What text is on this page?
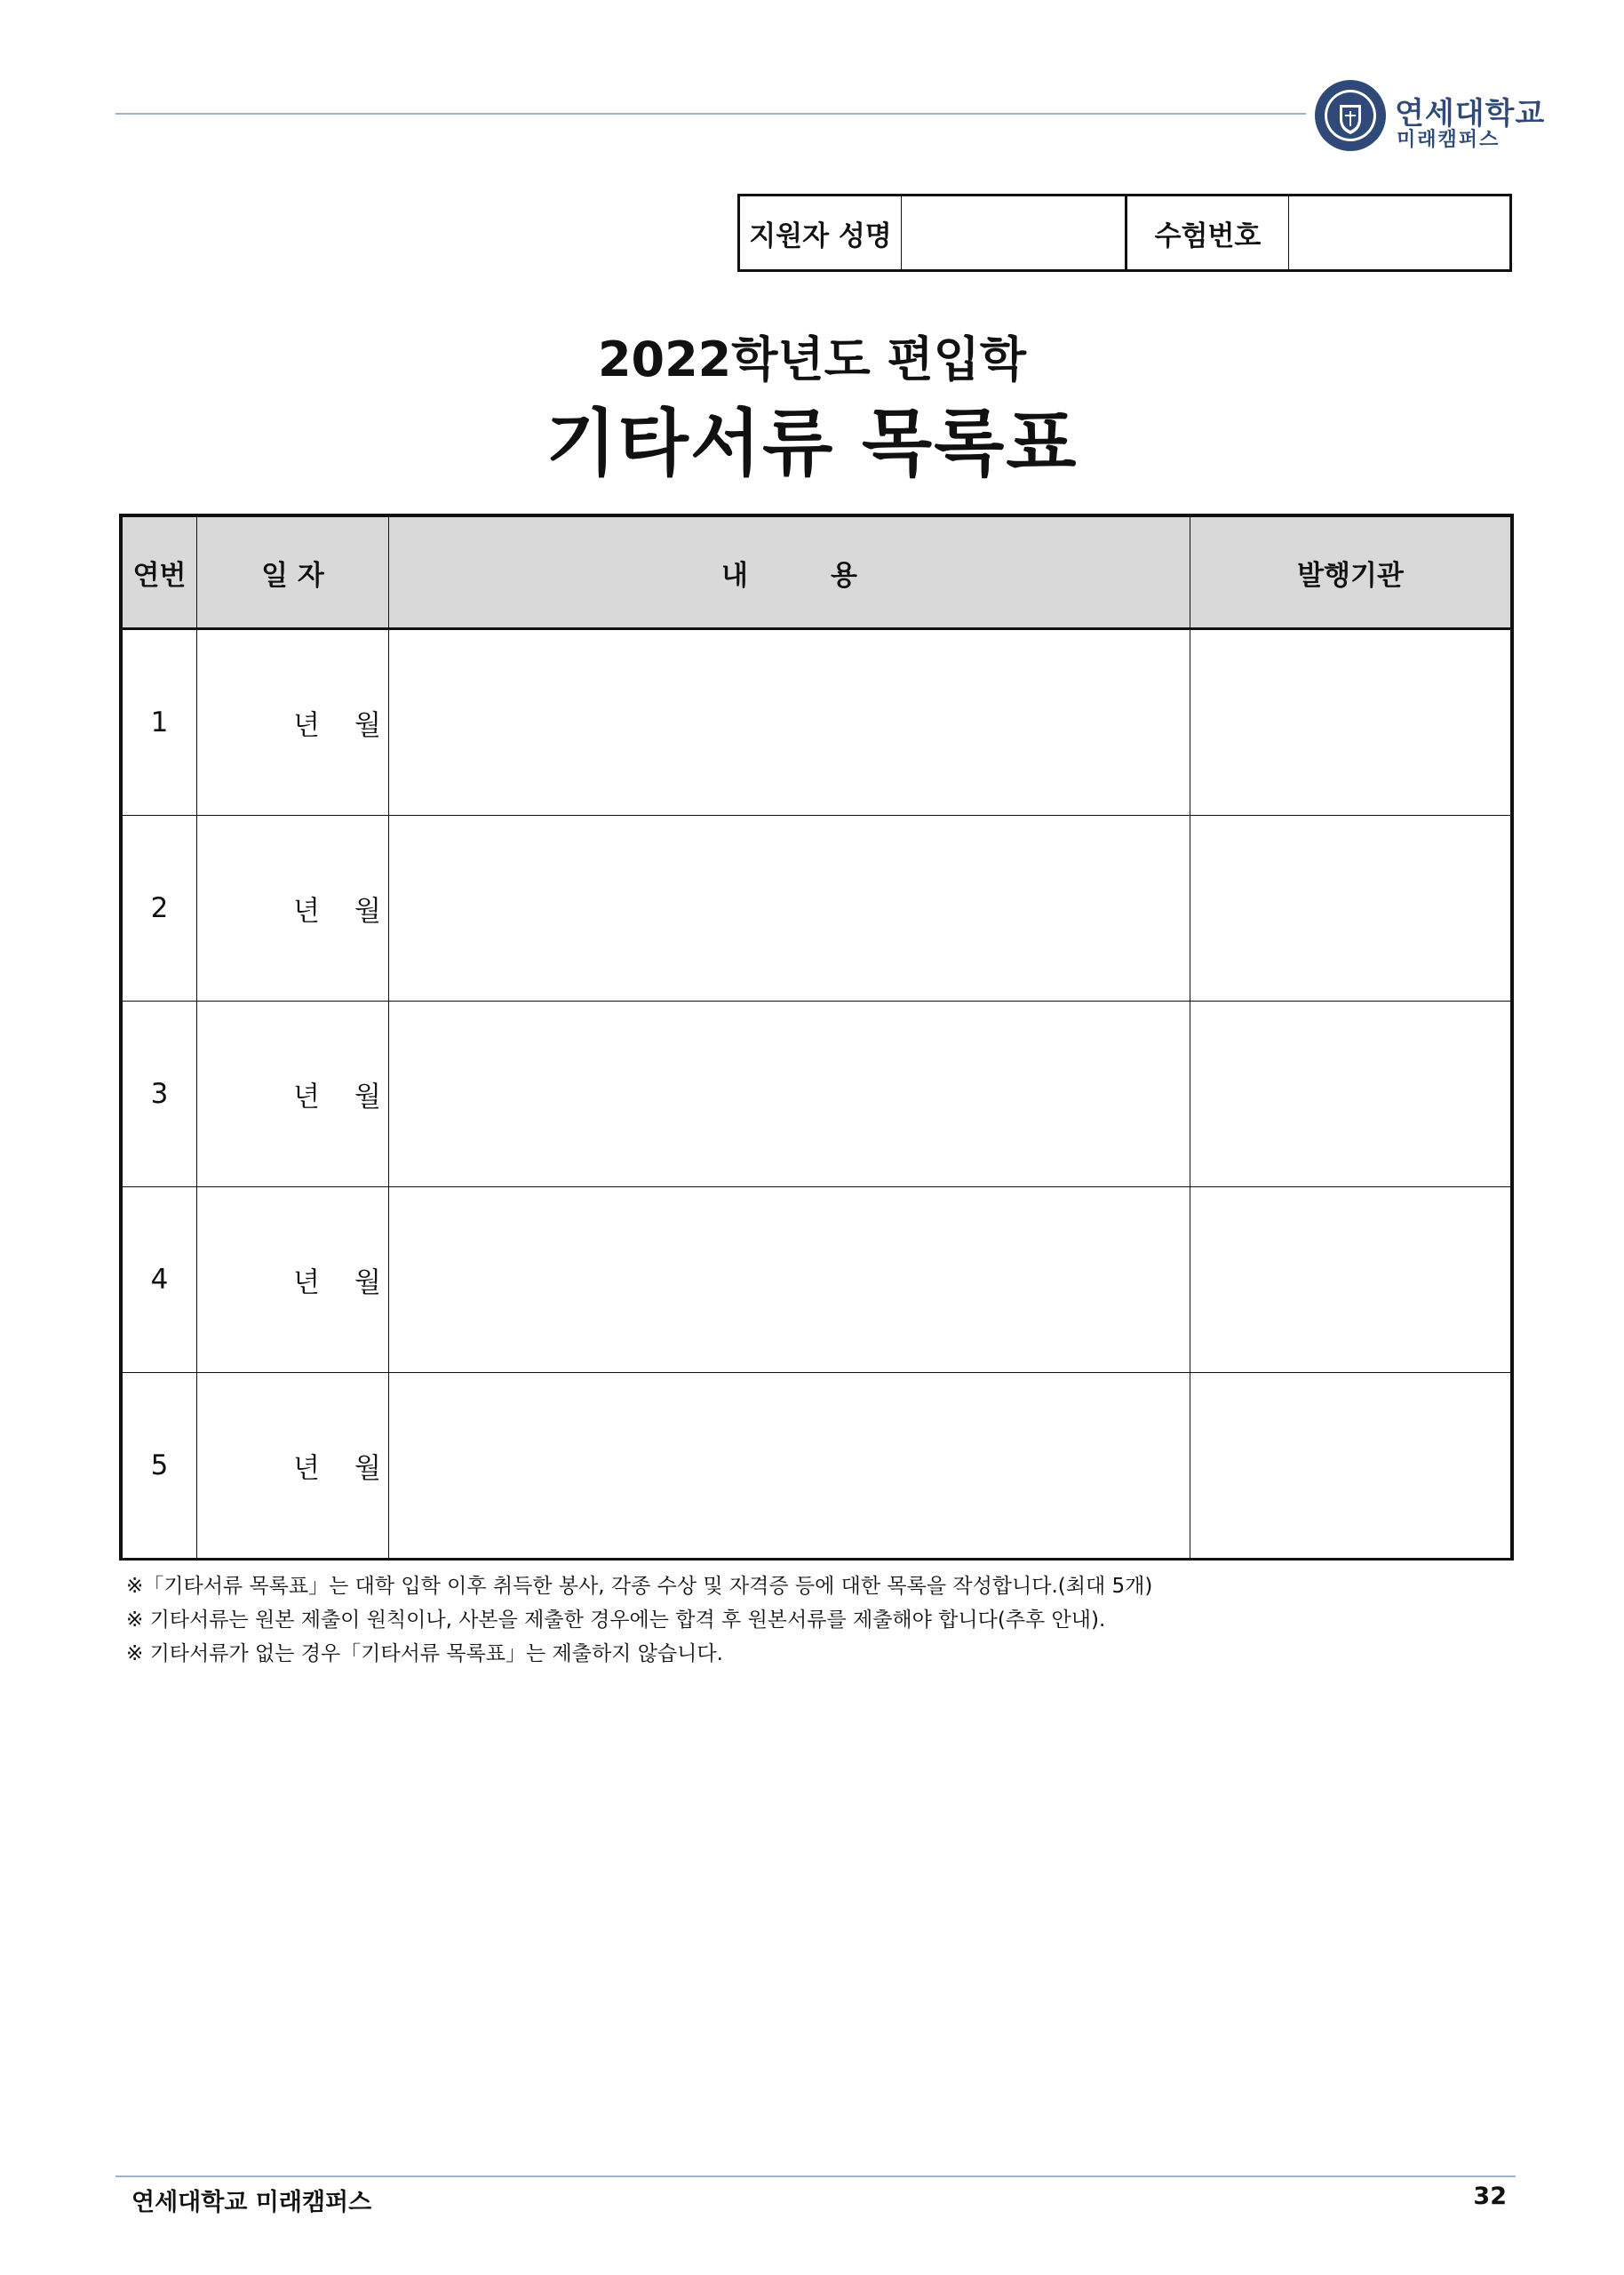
연세대학교
미래캠퍼스
지원자 성명	수험번호
2022학년도 편입학
기타서류 목록표
연번	일 자	내　　　용	발행기관
1	년 월		

2	년 월		

3	년 월		

4	년 월		

5	년 월		

※「기타서류 목록표」는 대학 입학 이후 취득한 봉사, 각종 수상 및 자격증 등에 대한 목록을 작성합니다.(최대 5개)
※ 기타서류는 원본 제출이 원칙이나, 사본을 제출한 경우에는 합격 후 원본서류를 제출해야 합니다(추후 안내).
※ 기타서류가 없는 경우「기타서류 목록표」는 제출하지 않습니다.
연세대학교 미래캠퍼스	32
